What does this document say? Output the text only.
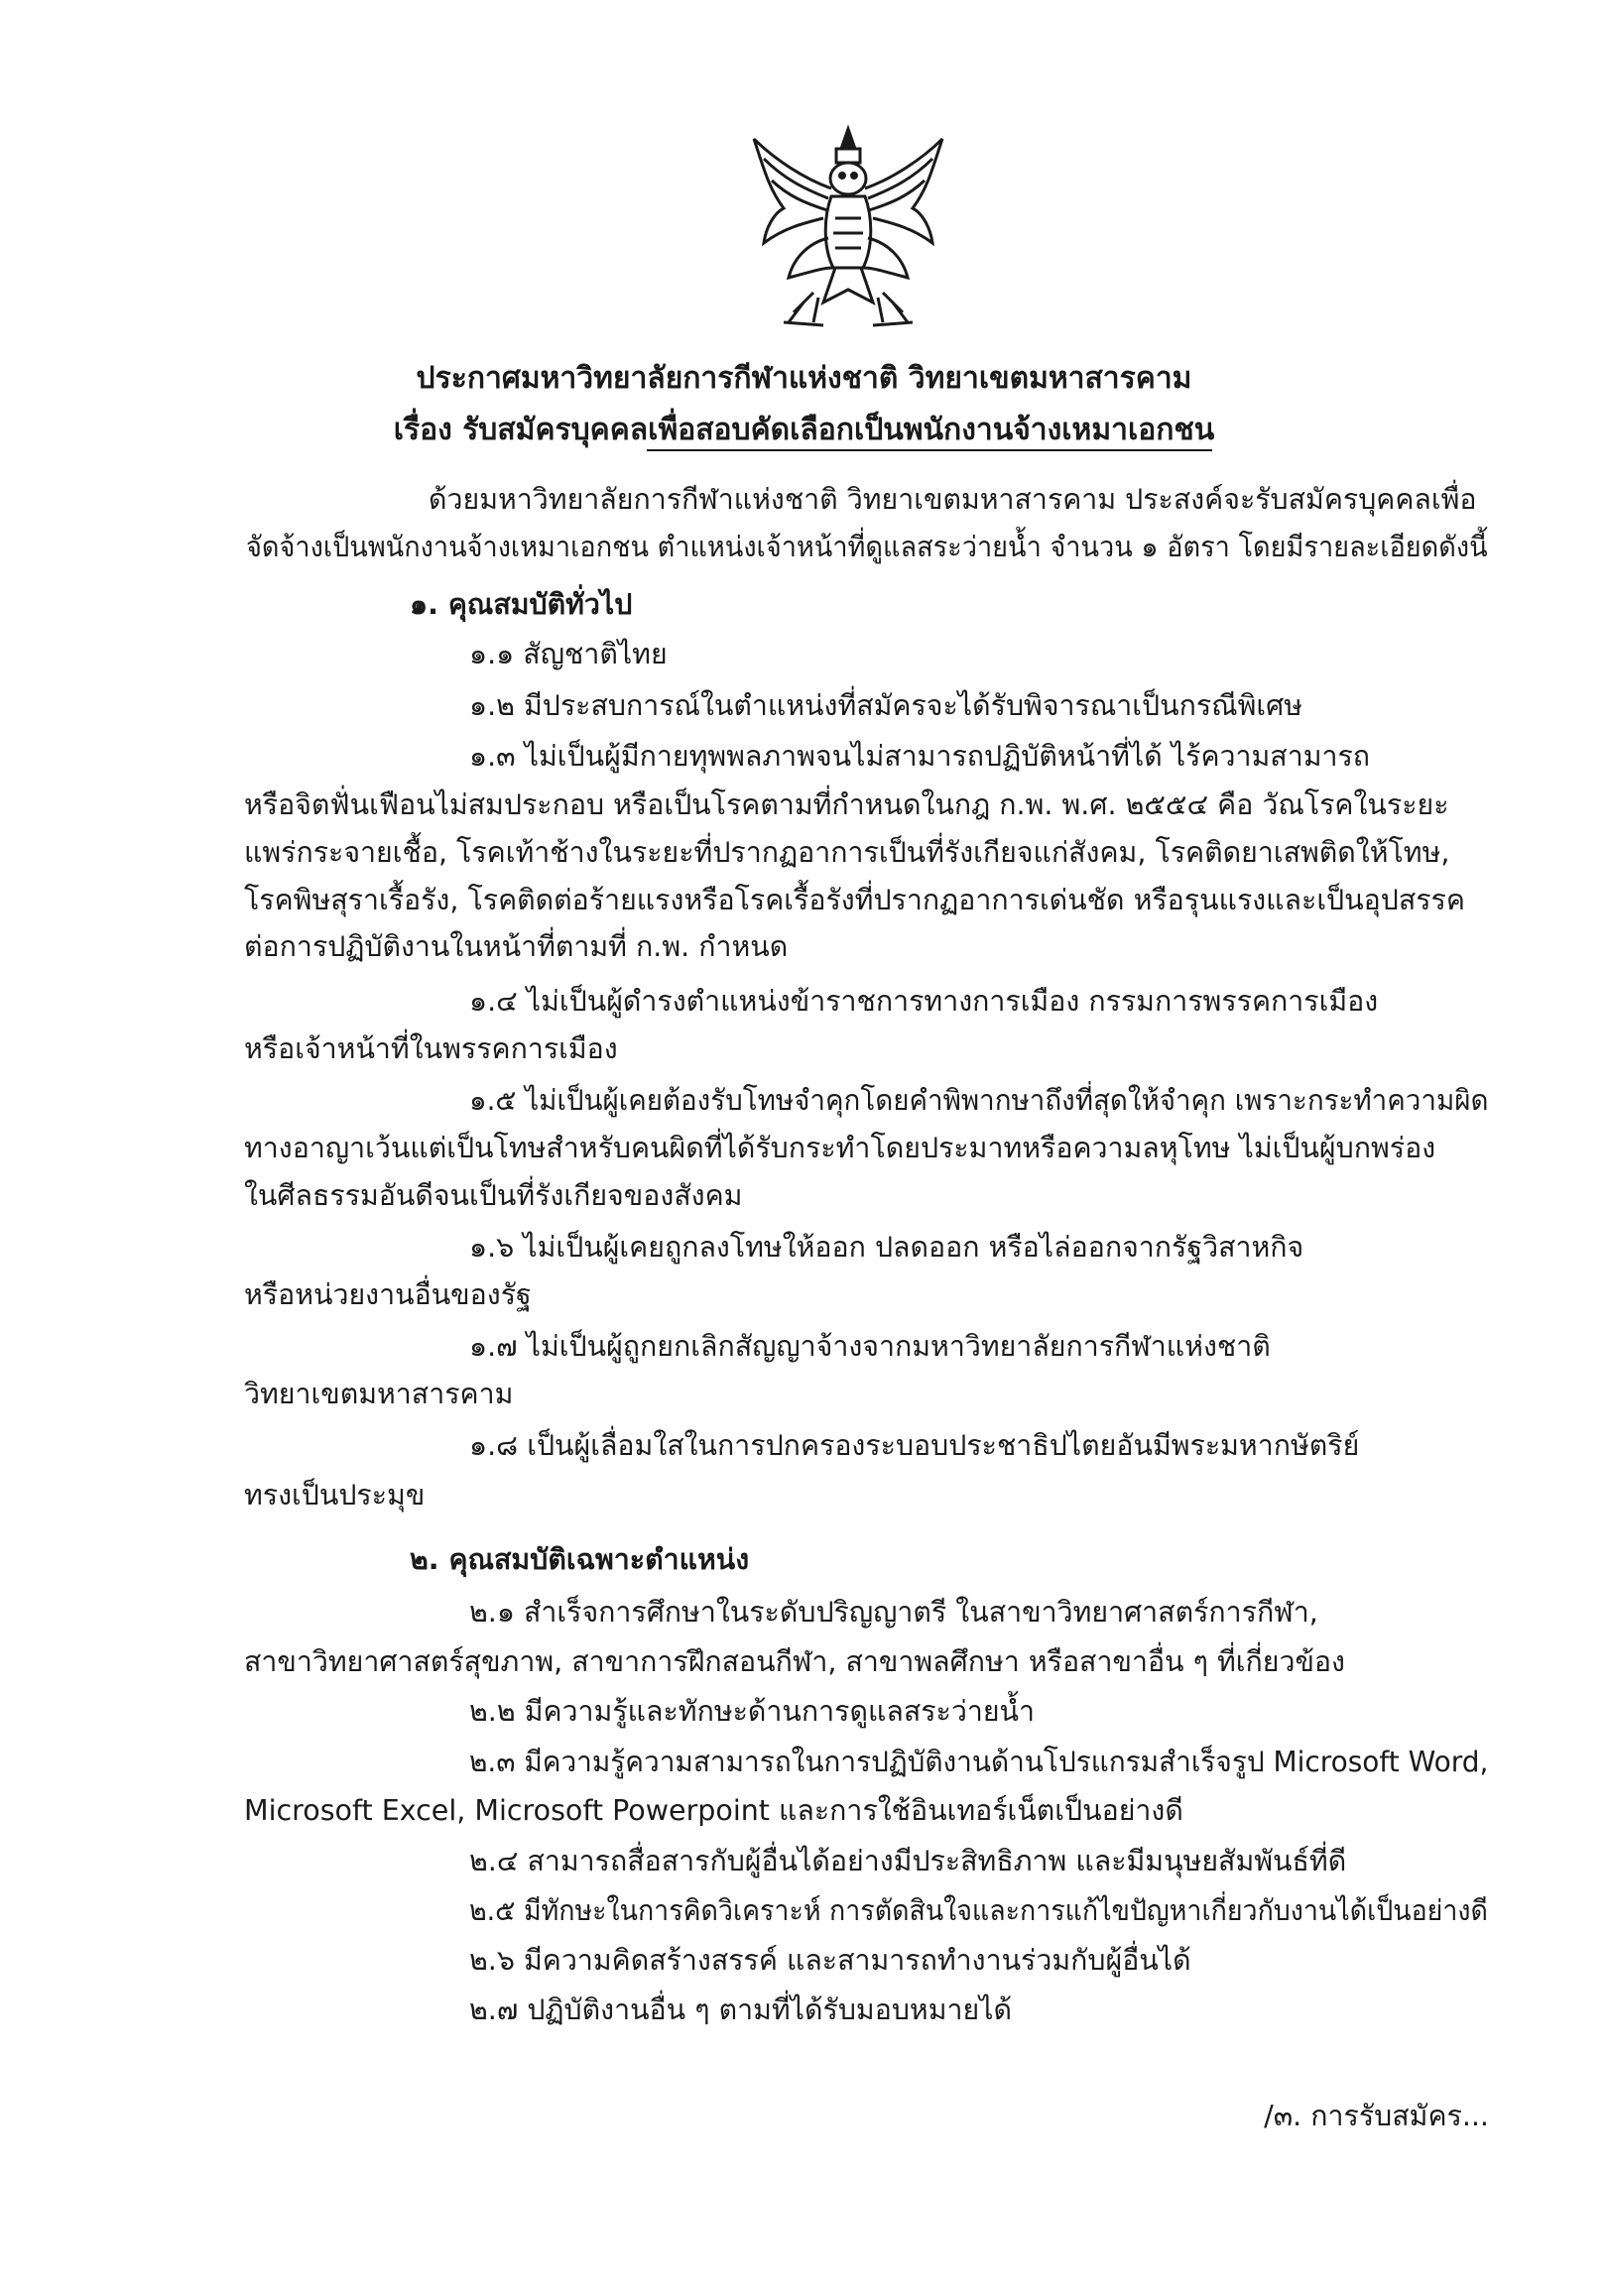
ประกาศมหาวิทยาลัยการกีฬาแห่งชาติ วิทยาเขตมหาสารคาม
เรื่อง รับสมัครบุคคลเพื่อสอบคัดเลือกเป็นพนักงานจ้างเหมาเอกชน
ด้วยมหาวิทยาลัยการกีฬาแห่งชาติ วิทยาเขตมหาสารคาม ประสงค์จะรับสมัครบุคคลเพื่อ
จัดจ้างเป็นพนักงานจ้างเหมาเอกชน ตำแหน่งเจ้าหน้าที่ดูแลสระว่ายน้ำ จำนวน ๑ อัตรา โดยมีรายละเอียดดังนี้
๑. คุณสมบัติทั่วไป
๑.๑ สัญชาติไทย
๑.๒ มีประสบการณ์ในตำแหน่งที่สมัครจะได้รับพิจารณาเป็นกรณีพิเศษ
๑.๓ ไม่เป็นผู้มีกายทุพพลภาพจนไม่สามารถปฏิบัติหน้าที่ได้ ไร้ความสามารถ
หรือจิตฟั่นเฟือนไม่สมประกอบ หรือเป็นโรคตามที่กำหนดในกฎ ก.พ. พ.ศ. ๒๕๕๔ คือ วัณโรคในระยะ
แพร่กระจายเชื้อ, โรคเท้าช้างในระยะที่ปรากฏอาการเป็นที่รังเกียจแก่สังคม, โรคติดยาเสพติดให้โทษ,
โรคพิษสุราเรื้อรัง, โรคติดต่อร้ายแรงหรือโรคเรื้อรังที่ปรากฏอาการเด่นชัด หรือรุนแรงและเป็นอุปสรรค
ต่อการปฏิบัติงานในหน้าที่ตามที่ ก.พ. กำหนด
๑.๔ ไม่เป็นผู้ดำรงตำแหน่งข้าราชการทางการเมือง กรรมการพรรคการเมือง
หรือเจ้าหน้าที่ในพรรคการเมือง
๑.๕ ไม่เป็นผู้เคยต้องรับโทษจำคุกโดยคำพิพากษาถึงที่สุดให้จำคุก เพราะกระทำความผิด
ทางอาญาเว้นแต่เป็นโทษสำหรับคนผิดที่ได้รับกระทำโดยประมาทหรือความลหุโทษ ไม่เป็นผู้บกพร่อง
ในศีลธรรมอันดีจนเป็นที่รังเกียจของสังคม
๑.๖ ไม่เป็นผู้เคยถูกลงโทษให้ออก ปลดออก หรือไล่ออกจากรัฐวิสาหกิจ
หรือหน่วยงานอื่นของรัฐ
๑.๗ ไม่เป็นผู้ถูกยกเลิกสัญญาจ้างจากมหาวิทยาลัยการกีฬาแห่งชาติ
วิทยาเขตมหาสารคาม
๑.๘ เป็นผู้เลื่อมใสในการปกครองระบอบประชาธิปไตยอันมีพระมหากษัตริย์
ทรงเป็นประมุข
๒. คุณสมบัติเฉพาะตำแหน่ง
๒.๑ สำเร็จการศึกษาในระดับปริญญาตรี ในสาขาวิทยาศาสตร์การกีฬา,
สาขาวิทยาศาสตร์สุขภาพ, สาขาการฝึกสอนกีฬา, สาขาพลศึกษา หรือสาขาอื่น ๆ ที่เกี่ยวข้อง
๒.๒ มีความรู้และทักษะด้านการดูแลสระว่ายน้ำ
๒.๓ มีความรู้ความสามารถในการปฏิบัติงานด้านโปรแกรมสำเร็จรูป Microsoft Word,
Microsoft Excel, Microsoft Powerpoint และการใช้อินเทอร์เน็ตเป็นอย่างดี
๒.๔ สามารถสื่อสารกับผู้อื่นได้อย่างมีประสิทธิภาพ และมีมนุษยสัมพันธ์ที่ดี
๒.๕ มีทักษะในการคิดวิเคราะห์ การตัดสินใจและการแก้ไขปัญหาเกี่ยวกับงานได้เป็นอย่างดี
๒.๖ มีความคิดสร้างสรรค์ และสามารถทำงานร่วมกับผู้อื่นได้
๒.๗ ปฏิบัติงานอื่น ๆ ตามที่ได้รับมอบหมายได้
/๓. การรับสมัคร...
